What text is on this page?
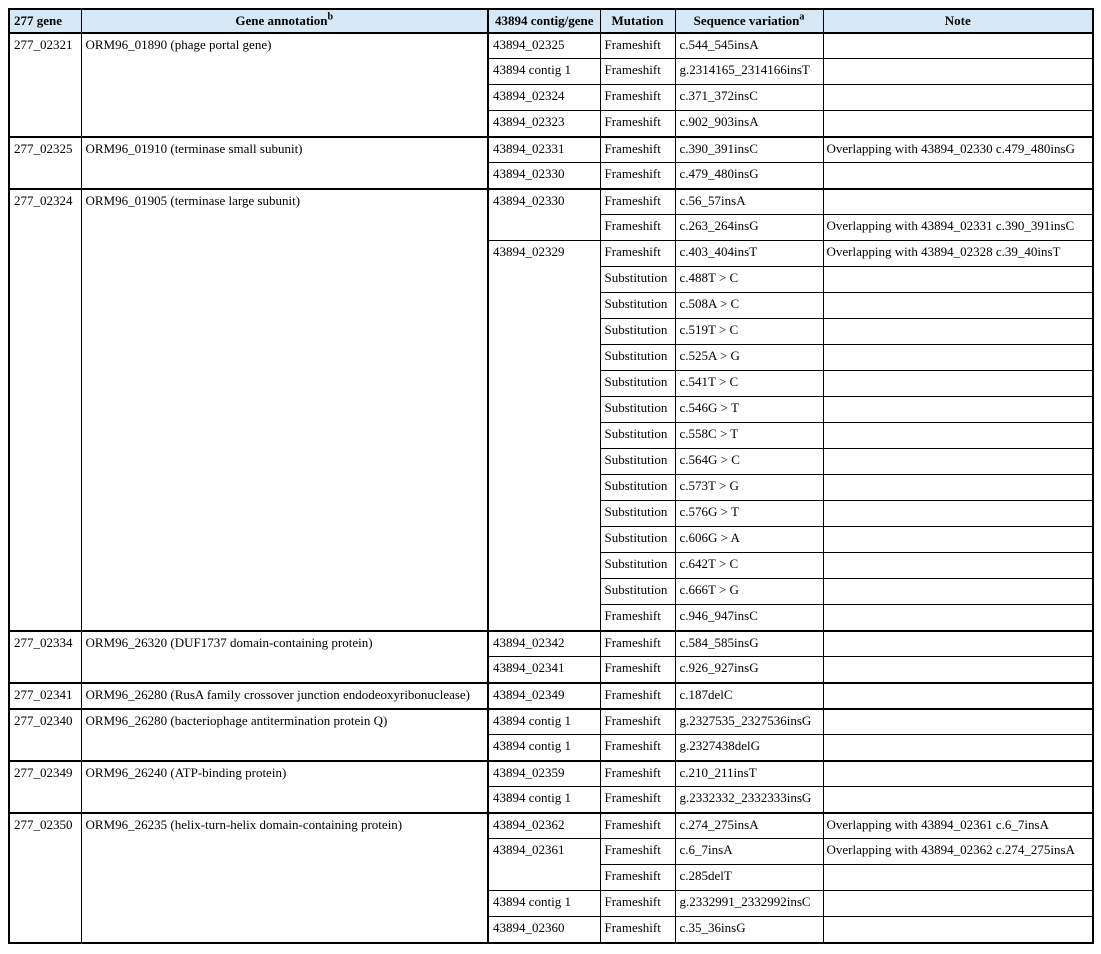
277 gene	Gene annotation$^b$	43894 contig/gene	Mutation	Sequence variation$^a$	Note
277_02321	ORM96_01890 (phage portal gene)	43894_02325	Frameshift	c.544_545insA	
		43894 contig 1	Frameshift	g.2314165_2314166insT	
		43894_02324	Frameshift	c.371_372insC	
		43894_02323	Frameshift	c.902_903insA	
277_02325	ORM96_01910 (terminase small subunit)	43894_02331	Frameshift	c.390_391insC	Overlapping with 43894_02330 c.479_480insG
		43894_02330	Frameshift	c.479_480insG	
277_02324	ORM96_01905 (terminase large subunit)	43894_02330	Frameshift	c.56_57insA	
			Frameshift	c.263_264insG	Overlapping with 43894_02331 c.390_391insC
		43894_02329	Frameshift	c.403_404insT	Overlapping with 43894_02328 c.39_40insT
			Substitution	c.488T > C	
			Substitution	c.508A > C	
			Substitution	c.519T > C	
			Substitution	c.525A > G	
			Substitution	c.541T > C	
			Substitution	c.546G > T	
			Substitution	c.558C > T	
			Substitution	c.564G > C	
			Substitution	c.573T > G	
			Substitution	c.576G > T	
			Substitution	c.606G > A	
			Substitution	c.642T > C	
			Substitution	c.666T > G	
			Frameshift	c.946_947insC	
277_02334	ORM96_26320 (DUF1737 domain-containing protein)	43894_02342	Frameshift	c.584_585insG	
		43894_02341	Frameshift	c.926_927insG	
277_02341	ORM96_26280 (RusA family crossover junction endodeoxyribonuclease)	43894_02349	Frameshift	c.187delC	
277_02340	ORM96_26280 (bacteriophage antitermination protein Q)	43894 contig 1	Frameshift	g.2327535_2327536insG	
		43894 contig 1	Frameshift	g.2327438delG	
277_02349	ORM96_26240 (ATP-binding protein)	43894_02359	Frameshift	c.210_211insT	
		43894 contig 1	Frameshift	g.2332332_2332333insG	
277_02350	ORM96_26235 (helix-turn-helix domain-containing protein)	43894_02362	Frameshift	c.274_275insA	Overlapping with 43894_02361 c.6_7insA
		43894_02361	Frameshift	c.6_7insA	Overlapping with 43894_02362 c.274_275insA
			Frameshift	c.285delT	
		43894 contig 1	Frameshift	g.2332991_2332992insC	
		43894_02360	Frameshift	c.35_36insG	
